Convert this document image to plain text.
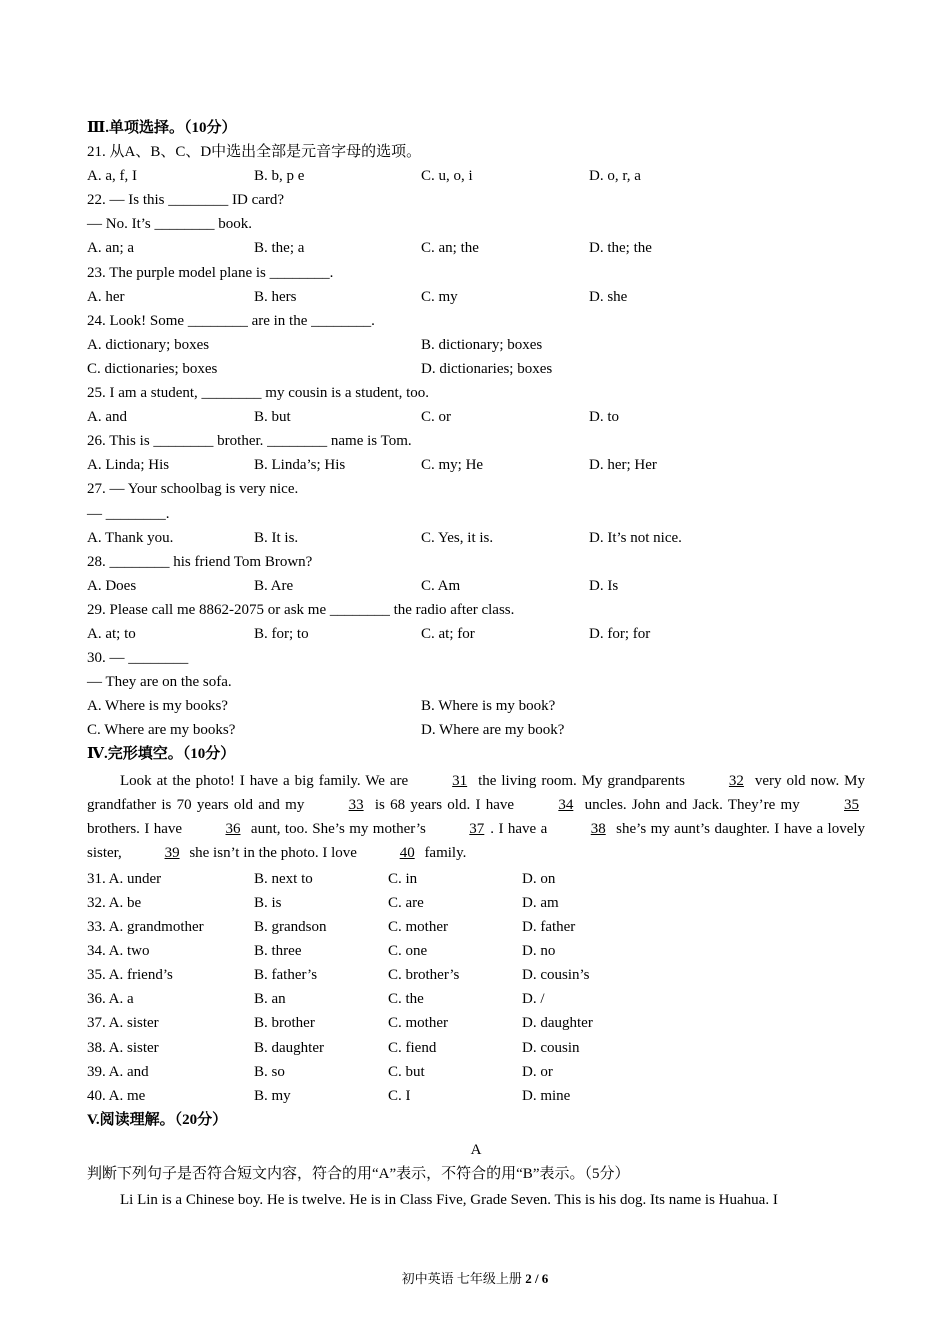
Ⅲ.单项选择。（10分）
21. 从A、B、C、D中选出全部是元音字母的选项。
A. a, f, I	B. b, p e	C. u, o, i	D. o, r, a
22. — Is this ________ ID card?
— No. It’s ________ book.
A. an; a	B. the; a	C. an; the	D. the; the
23. The purple model plane is ________.
A. her	B. hers	C. my	D. she
24. Look! Some ________ are in the ________.
A. dictionary; boxes	B. dictionary; boxes
C. dictionaries; boxes	D. dictionaries; boxes
25. I am a student, ________ my cousin is a student, too.
A. and	B. but	C. or	D. to
26. This is ________ brother. ________ name is Tom.
A. Linda; His	B. Linda’s; His	C. my; He	D. her; Her
27. — Your schoolbag is very nice.
— ________.
A. Thank you.	B. It is.	C. Yes, it is.	D. It’s not nice.
28. ________ his friend Tom Brown?
A. Does	B. Are	C. Am	D. Is
29. Please call me 8862-2075 or ask me ________ the radio after class.
A. at; to	B. for; to	C. at; for	D. for; for
30. — ________
— They are on the sofa.
A. Where is my books?	B. Where is my book?
C. Where are my books?	D. Where are my book?
Ⅳ.完形填空。（10分）
Look at the photo! I have a big family. We are	31 the living room. My grandparents	32 very old now. My grandfather is 70 years old and my	33 is 68 years old. I have	34 uncles. John and Jack. They’re my	35 brothers. I have	36 aunt, too. She’s my mother’s	37 . I have a	38 she’s my aunt’s daughter. I have a lovely sister,	39 she isn’t in the photo. I love	40 family.
31. A. under	B. next to	C. in	D. on
32. A. be	B. is	C. are	D. am
33. A. grandmother	B. grandson	C. mother	D. father
34. A. two	B. three	C. one	D. no
35. A. friend’s	B. father’s	C. brother’s	D. cousin’s
36. A. a	B. an	C. the	D. /
37. A. sister	B. brother	C. mother	D. daughter
38. A. sister	B. daughter	C. fiend	D. cousin
39. A. and	B. so	C. but	D. or
40. A. me	B. my	C. I	D. mine
V.阅读理解。（20分）
A
判断下列句子是否符合短文内容，符合的用“A”表示，不符合的用“B”表示。（5分）
Li Lin is a Chinese boy. He is twelve. He is in Class Five, Grade Seven. This is his dog. Its name is Huahua. I
初中英语 七年级上册 2 / 6
